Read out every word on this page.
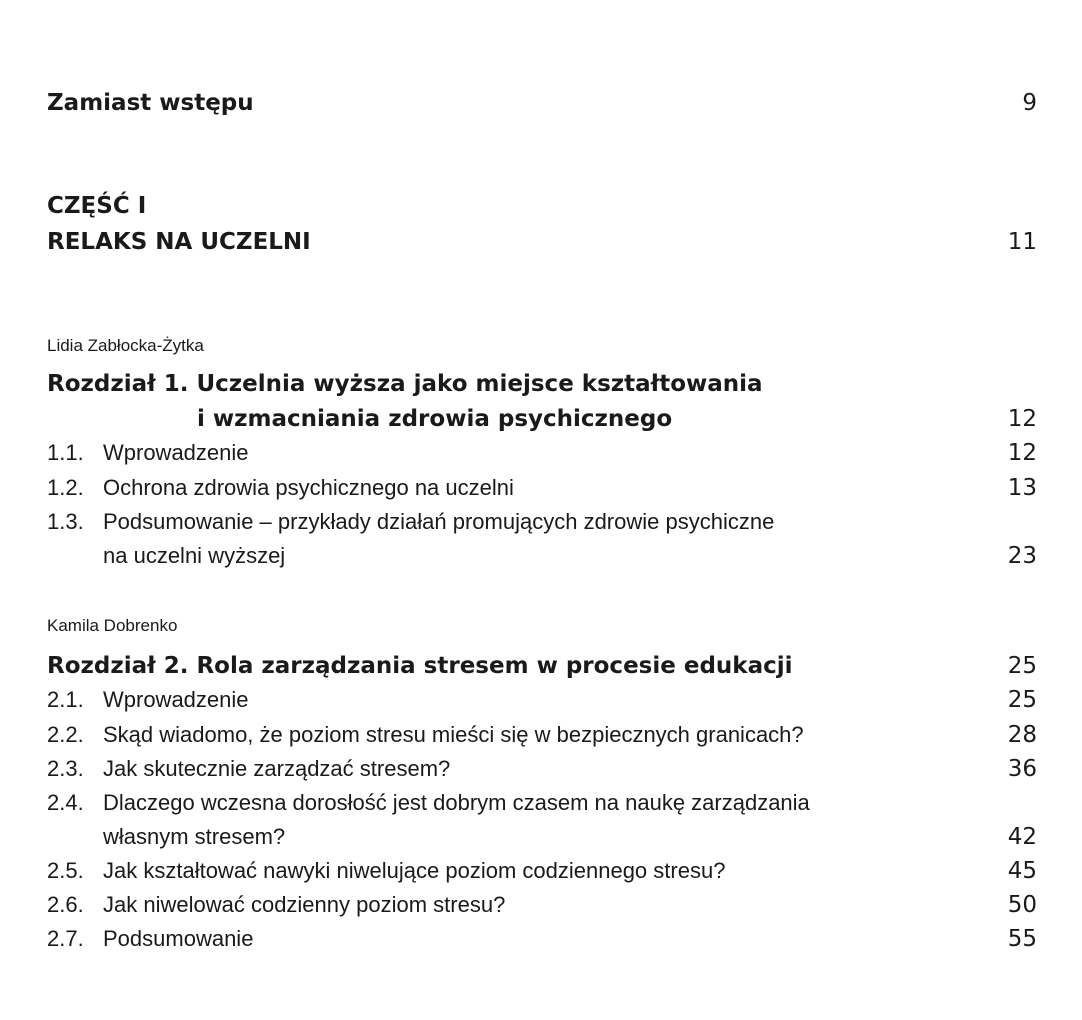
Zamiast wstępu	9
CZĘŚĆ I
RELAKS NA UCZELNI	11
Lidia Zabłocka-Żytka
Rozdział 1. Uczelnia wyższa jako miejsce kształtowania
i wzmacniania zdrowia psychicznego	12
1.1. Wprowadzenie	12
1.2. Ochrona zdrowia psychicznego na uczelni	13
1.3. Podsumowanie – przykłady działań promujących zdrowie psychiczne
na uczelni wyższej	23
Kamila Dobrenko
Rozdział 2. Rola zarządzania stresem w procesie edukacji	25
2.1. Wprowadzenie	25
2.2. Skąd wiadomo, że poziom stresu mieści się w bezpiecznych granicach?	28
2.3. Jak skutecznie zarządzać stresem?	36
2.4. Dlaczego wczesna dorosłość jest dobrym czasem na naukę zarządzania
własnym stresem?	42
2.5. Jak kształtować nawyki niwelujące poziom codziennego stresu?	45
2.6. Jak niwelować codzienny poziom stresu?	50
2.7. Podsumowanie	55
